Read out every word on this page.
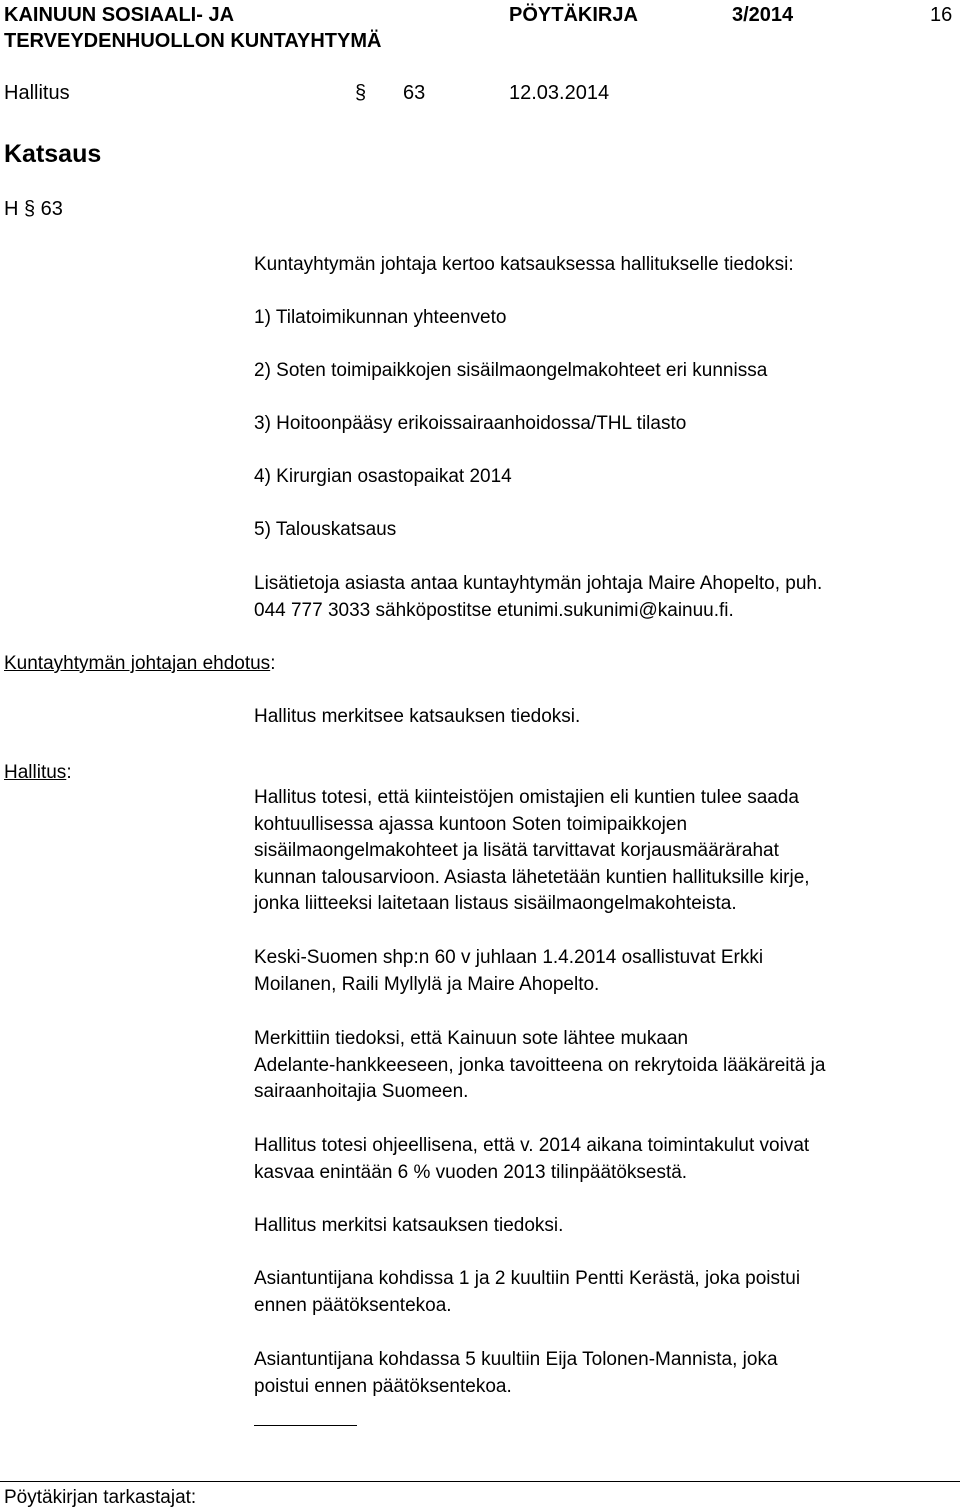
KAINUUN SOSIAALI- JA
TERVEYDENHUOLLON KUNTAYHTYMÄ
PÖYTÄKIRJA	3/2014	16
Hallitus	§ 63	12.03.2014
Katsaus
H § 63
Kuntayhtymän johtaja kertoo katsauksessa hallitukselle tiedoksi:
1) Tilatoimikunnan yhteenveto
2) Soten toimipaikkojen sisäilmaongelmakohteet eri kunnissa
3) Hoitoonpääsy erikoissairaanhoidossa/THL tilasto
4) Kirurgian osastopaikat 2014
5) Talouskatsaus
Lisätietoja asiasta antaa kuntayhtymän johtaja Maire Ahopelto, puh.
044 777 3033 sähköpostitse etunimi.sukunimi@kainuu.fi.
Kuntayhtymän johtajan ehdotus:
Hallitus merkitsee katsauksen tiedoksi.
Hallitus:
Hallitus totesi, että kiinteistöjen omistajien eli kuntien tulee saada
kohtuullisessa ajassa kuntoon Soten toimipaikkojen
sisäilmaongelmakohteet ja lisätä tarvittavat korjausmäärärahat
kunnan talousarvioon. Asiasta lähetetään kuntien hallituksille kirje,
jonka liitteeksi laitetaan listaus sisäilmaongelmakohteista.
Keski-Suomen shp:n 60 v juhlaan 1.4.2014 osallistuvat Erkki
Moilanen, Raili Myllylä ja Maire Ahopelto.
Merkittiin tiedoksi, että Kainuun sote lähtee mukaan
Adelante-hankkeeseen, jonka tavoitteena on rekrytoida lääkäreitä ja
sairaanhoitajia Suomeen.
Hallitus totesi ohjeellisena, että v. 2014 aikana toimintakulut voivat
kasvaa enintään 6 % vuoden 2013 tilinpäätöksestä.
Hallitus merkitsi katsauksen tiedoksi.
Asiantuntijana kohdissa 1 ja 2 kuultiin Pentti Kerästä, joka poistui
ennen päätöksentekoa.
Asiantuntijana kohdassa 5 kuultiin Eija Tolonen-Mannista, joka
poistui ennen päätöksentekoa.
Pöytäkirjan tarkastajat:
